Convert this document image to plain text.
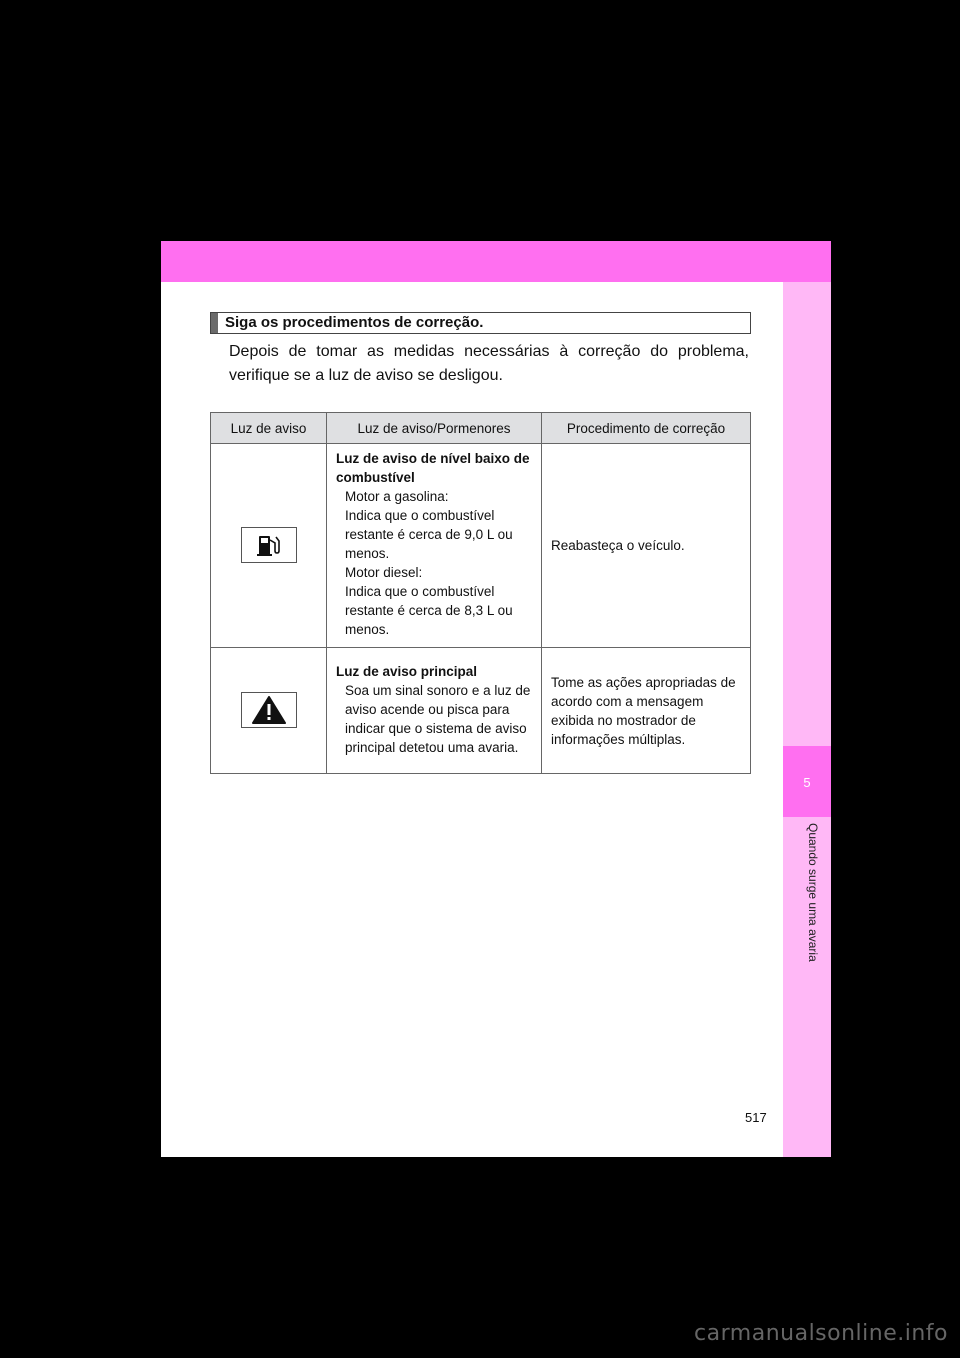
5
Quando surge uma avaria
Siga os procedimentos de correção.
Depois de tomar as medidas necessárias à correção do problema, verifique se a luz de aviso se desligou.
Luz de aviso	Luz de aviso/Pormenores	Procedimento de correção

Luz de aviso de nível baixo de combustível
Motor a gasolina:
Indica que o combustível restante é cerca de 9,0 L ou menos.
Motor diesel:
Indica que o combustível restante é cerca de 8,3 L ou menos.	Reabasteça o veículo.

Luz de aviso principal
Soa um sinal sonoro e a luz de aviso acende ou pisca para indicar que o sistema de aviso principal detetou uma avaria.	Tome as ações apropriadas de acordo com a mensagem exibida no mostrador de informações múltiplas.
517
carmanualsonline.info
